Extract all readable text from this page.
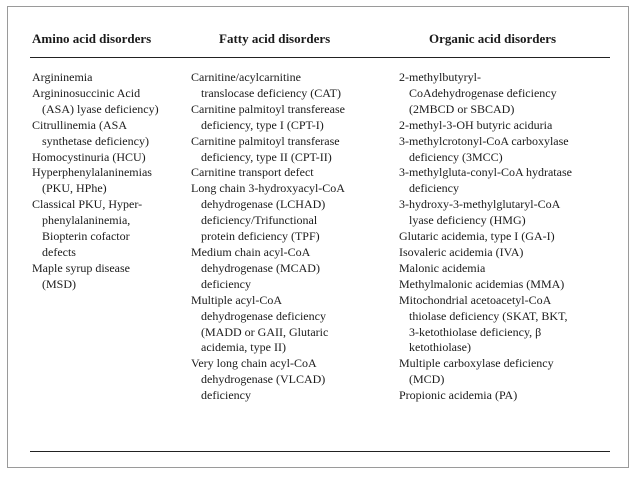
Amino acid disorders	Fatty acid disorders	Organic acid disorders
Argininemia
Argininosuccinic Acid
(ASA) lyase deficiency)
Citrullinemia (ASA
synthetase deficiency)
Homocystinuria (HCU)
Hyperphenylalaninemias
(PKU, HPhe)
Classical PKU, Hyper-
phenylalaninemia,
Biopterin cofactor
defects
Maple syrup disease
(MSD)
Carnitine/acylcarnitine
translocase deficiency (CAT)
Carnitine palmitoyl transferease
deficiency, type I (CPT-I)
Carnitine palmitoyl transferase
deficiency, type II (CPT-II)
Carnitine transport defect
Long chain 3-hydroxyacyl-CoA
dehydrogenase (LCHAD)
deficiency/Trifunctional
protein deficiency (TPF)
Medium chain acyl-CoA
dehydrogenase (MCAD)
deficiency
Multiple acyl-CoA
dehydrogenase deficiency
(MADD or GAII, Glutaric
acidemia, type II)
Very long chain acyl-CoA
dehydrogenase (VLCAD)
deficiency
2-methylbutyryl-
CoAdehydrogenase deficiency
(2MBCD or SBCAD)
2-methyl-3-OH butyric aciduria
3-methylcrotonyl-CoA carboxylase
deficiency (3MCC)
3-methylgluta-conyl-CoA hydratase
deficiency
3-hydroxy-3-methylglutaryl-CoA
lyase deficiency (HMG)
Glutaric acidemia, type I (GA-I)
Isovaleric acidemia (IVA)
Malonic acidemia
Methylmalonic acidemias (MMA)
Mitochondrial acetoacetyl-CoA
thiolase deficiency (SKAT, BKT,
3-ketothiolase deficiency, β
ketothiolase)
Multiple carboxylase deficiency
(MCD)
Propionic acidemia (PA)
